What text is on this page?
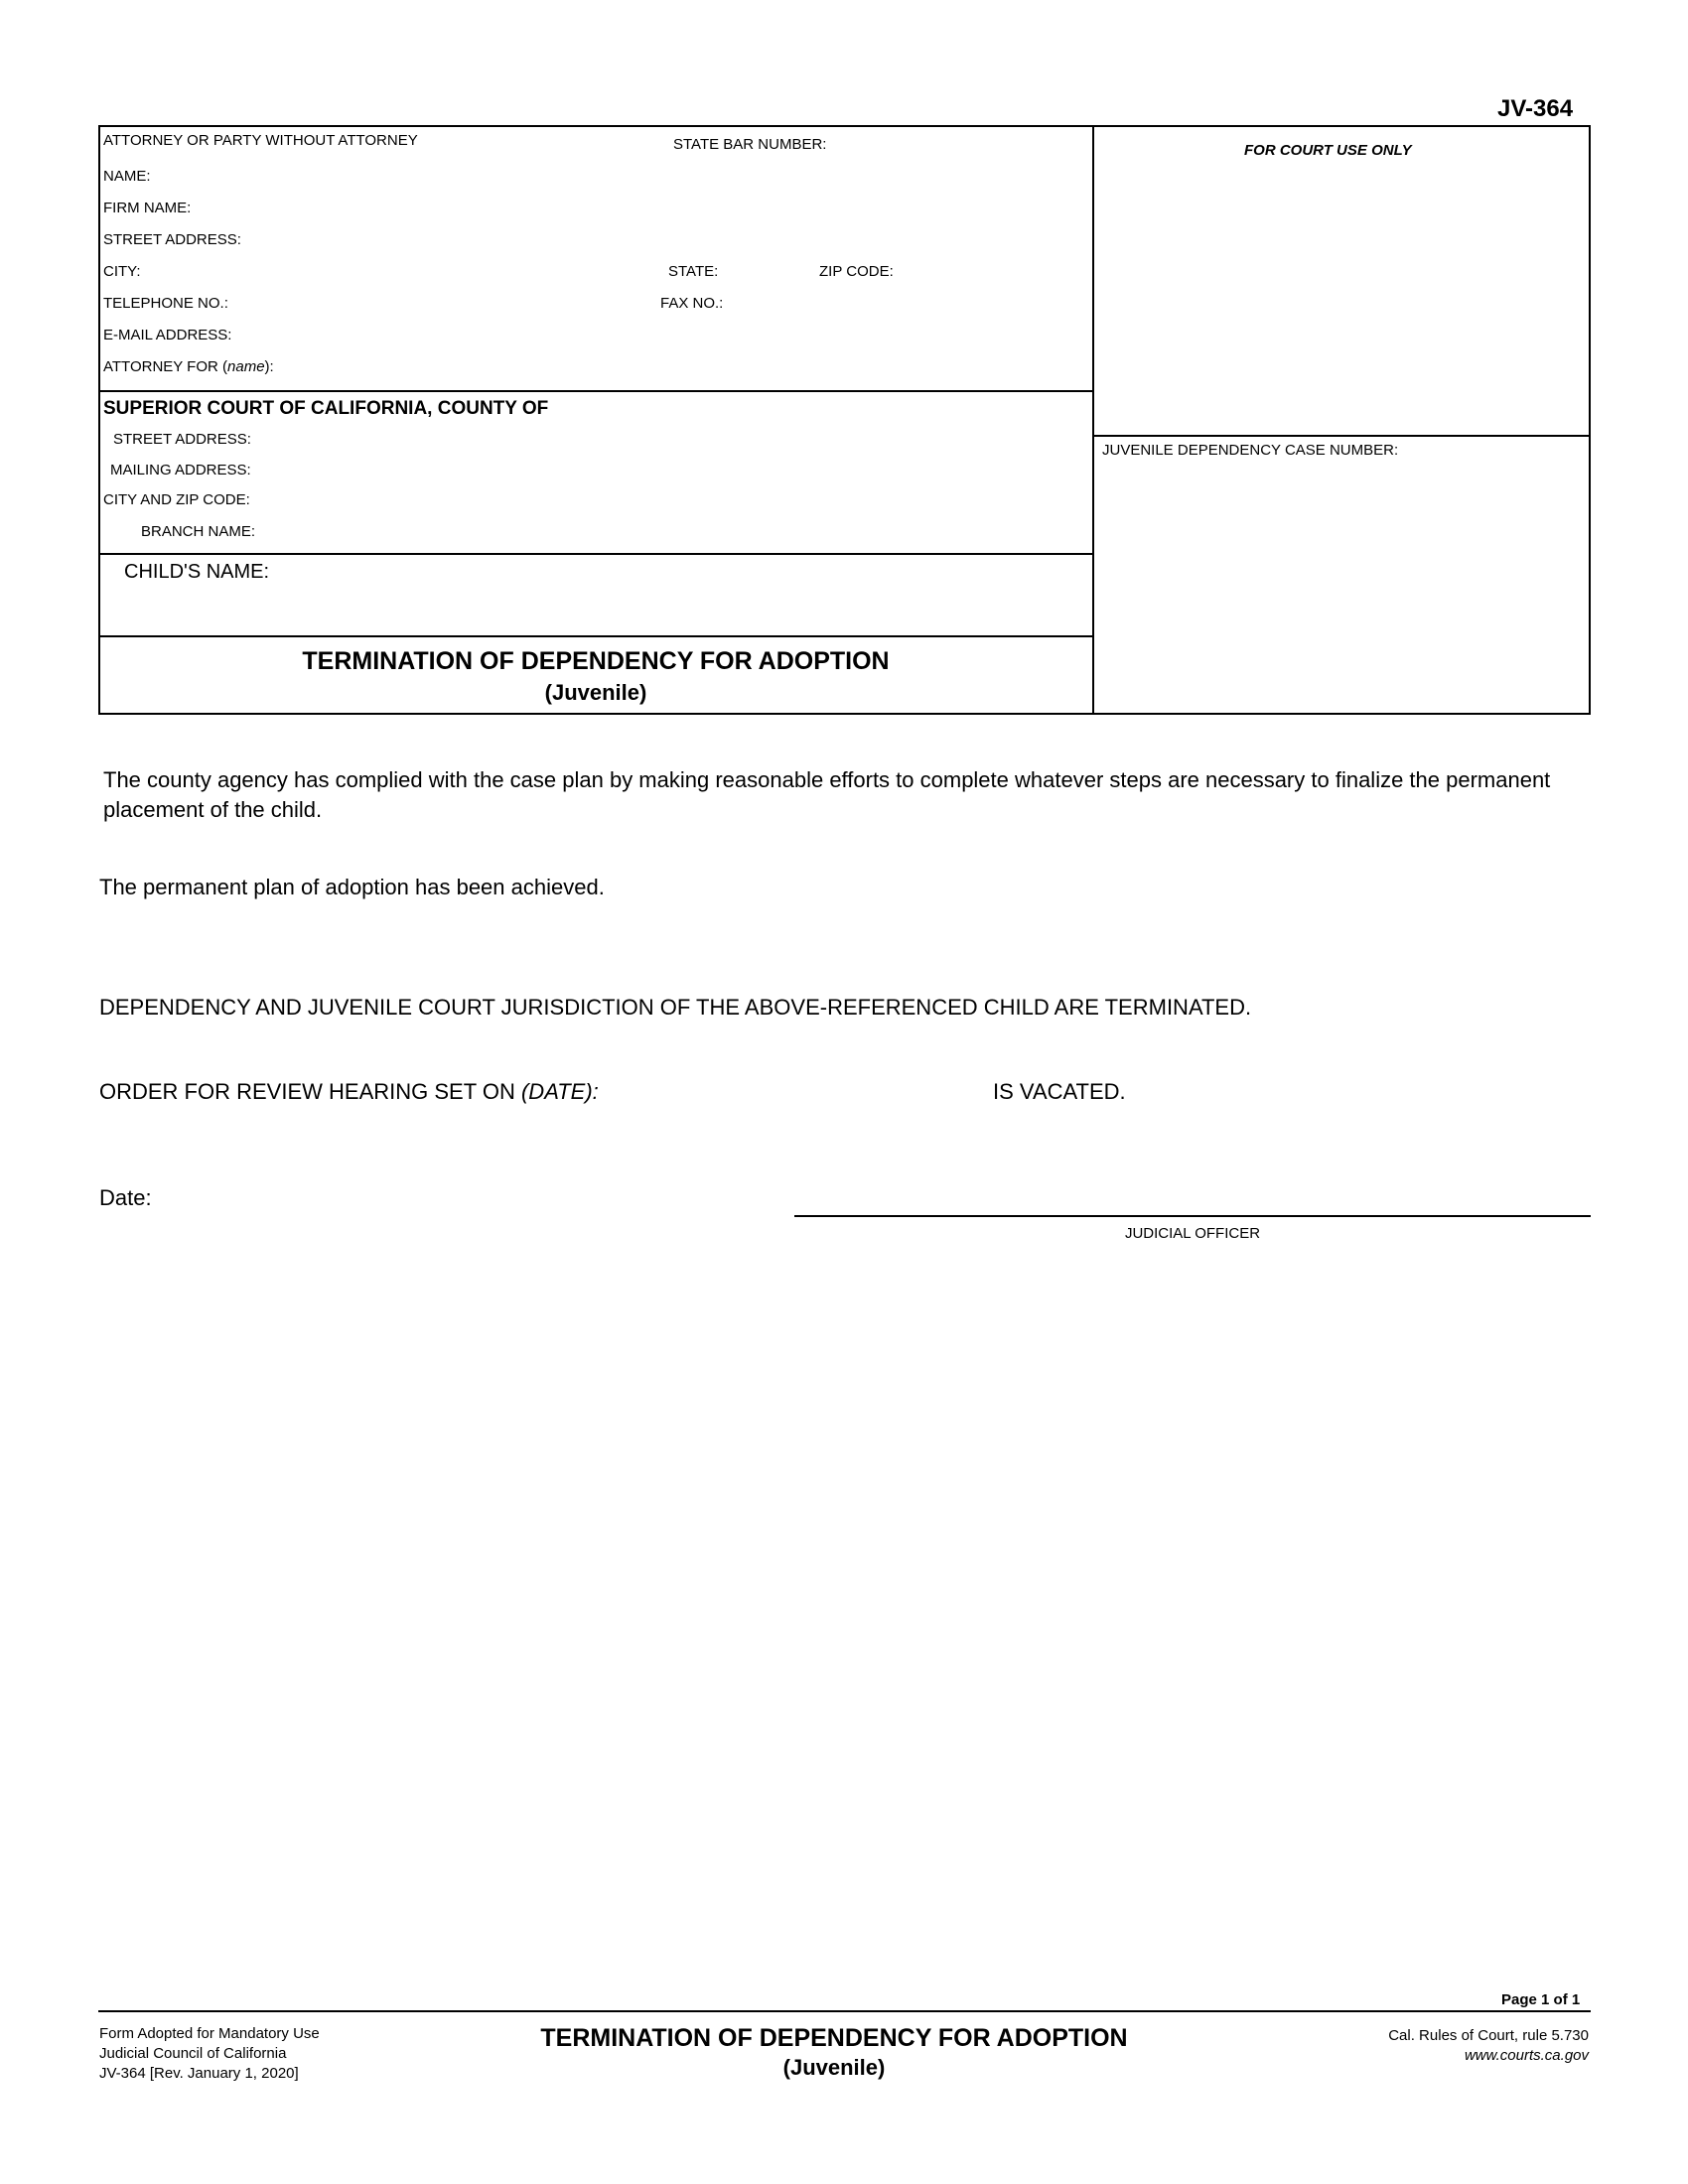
JV-364
ATTORNEY OR PARTY WITHOUT ATTORNEY	STATE BAR NUMBER:
NAME:
FIRM NAME:
STREET ADDRESS:
CITY:	STATE:	ZIP CODE:
TELEPHONE NO.:	FAX NO.:
E-MAIL ADDRESS:
ATTORNEY FOR (name):
FOR COURT USE ONLY
SUPERIOR COURT OF CALIFORNIA, COUNTY OF
STREET ADDRESS:
MAILING ADDRESS:
CITY AND ZIP CODE:
BRANCH NAME:
JUVENILE DEPENDENCY CASE NUMBER:
CHILD'S NAME:
TERMINATION OF DEPENDENCY FOR ADOPTION
(Juvenile)
The county agency has complied with the case plan by making reasonable efforts to complete whatever steps are necessary to finalize the permanent placement of the child.
The permanent plan of adoption has been achieved.
DEPENDENCY AND JUVENILE COURT JURISDICTION OF THE ABOVE-REFERENCED CHILD ARE TERMINATED.
ORDER FOR REVIEW HEARING SET ON (DATE):	IS VACATED.
Date:
JUDICIAL OFFICER
Page 1 of 1
Form Adopted for Mandatory Use
Judicial Council of California
JV-364 [Rev. January 1, 2020]
TERMINATION OF DEPENDENCY FOR ADOPTION
(Juvenile)
Cal. Rules of Court, rule 5.730
www.courts.ca.gov
